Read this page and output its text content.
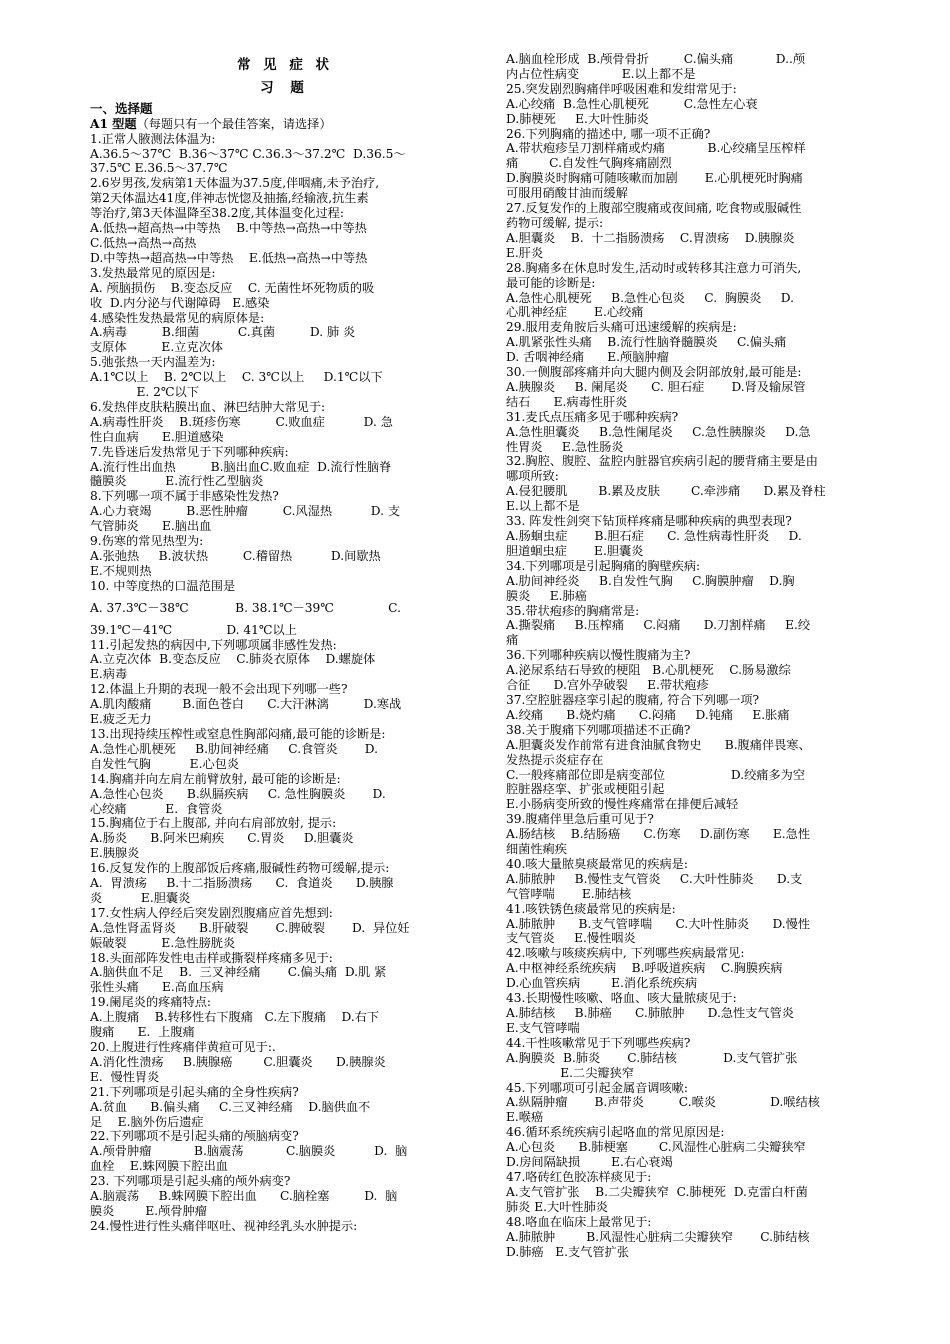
常 见 症 状
习 题
一、选择题
A1 型题（每题只有一个最佳答案，请选择）
1.正常人腋测法体温为:
A.36.5～37℃  B.36～37℃ C.36.3～37.2℃  D.36.5～
37.5℃ E.36.5～37.7℃
2.6岁男孩,发病第1天体温为37.5度,伴咽痛,未予治疗,
第2天体温达41度,伴神志恍惚及抽搐,经输液,抗生素
等治疗,第3天体温降至38.2度,其体温变化过程:
A.低热→超高热→中等热    B.中等热→高热→中等热
C.低热→高热→高热
D.中等热→超高热→中等热    E.低热→高热→中等热
3.发热最常见的原因是:
A. 颅脑损伤    B.变态反应    C. 无菌性坏死物质的吸
收  D.内分泌与代谢障碍   E.感染
4.感染性发热最常见的病原体是:
A.病毒         B.细菌          C.真菌         D. 肺 炎
支原体         E.立克次体
5.弛张热一天内温差为:
A.1℃以上    B. 2℃以上    C. 3℃以上     D.1℃以下
E. 2℃以下
6.发热伴皮肤粘膜出血、淋巴结肿大常见于:
A.病毒性肝炎    B.斑疹伤寒         C.败血症          D. 急
性白血病      E.胆道感染
7.先昏迷后发热常见于下列哪种疾病:
A.流行性出血热         B.脑出血C.败血症  D.流行性脑脊
髓膜炎          E.流行性乙型脑炎
8.下列哪一项不属于非感染性发热?
A.心力衰竭         B.恶性肿瘤         C.风湿热          D. 支
气管肺炎      E.脑出血
9.伤寒的常见热型为:
A.张弛热     B.波状热         C.稽留热          D.间歇热
E.不规则热
10. 中等度热的口温范围是

A. 37.3℃－38℃            B. 38.1℃－39℃              C.

39.1℃－41℃              D. 41℃以上
11.引起发热的病因中,下列哪项属非感性发热:
A.立克次体  B.变态反应    C.肺炎衣原体    D.螺旋体
E.病毒
12.体温上升期的表现一般不会出现下列哪一些?
A.肌肉酸痛        B.面色苍白      C.大汗淋漓         D.寒战
E.疲乏无力
13.出现持续压榨性或窒息性胸部闷痛,最可能的诊断是:
A.急性心肌梗死     B.肋间神经痛     C.食管炎       D.
自发性气胸          E.心包炎
14.胸痛并向左肩左前臂放射, 最可能的诊断是:
A.急性心包炎      B.纵膈疾病     C. 急性胸膜炎       D.
心绞痛          E.  食管炎
15.胸痛位于右上腹部, 并向右肩部放射, 提示:
A.肠炎      B.阿米巴痢疾      C.胃炎     D.胆囊炎
E.胰腺炎
16.反复发作的上腹部饭后疼痛,服碱性药物可缓解,提示:
A.  胃溃疡     B.十二指肠溃疡      C.  食道炎      D.胰腺
炎          E.胆囊炎
17.女性病人停经后突发剧烈腹痛应首先想到:
A.急性肾盂肾炎      B.肝破裂       C.脾破裂       D.  异位妊
娠破裂         E.急性膀胱炎
18.头面部阵发性电击样或撕裂样疼痛多见于:
A.脑供血不足    B.  三叉神经痛       C.偏头痛  D.肌 紧
张性头痛      E.高血压病
19.阑尾炎的疼痛特点:
A.上腹痛    B.转移性右下腹痛   C.左下腹痛    D.右下
腹痛      E.  上腹痛
20.上腹进行性疼痛伴黄疸可见于:.
A.消化性溃疡     B.胰腺癌        C.胆囊炎      D.胰腺炎
E.  慢性胃炎
21.下列哪项是引起头痛的全身性疾病?
A.贫血      B.偏头痛     C.三叉神经痛    D.脑供血不
足    E.脑外伤后遗症
22.下列哪项不是引起头痛的颅脑病变?
A.颅骨肿瘤           B.脑震荡           C.脑膜炎          D.  脑
血栓    E.蛛网膜下腔出血
23. 下列哪项是引起头痛的颅外病变?
A.脑震荡     B.蛛网膜下腔出血      C.脑栓塞         D.  脑
膜炎        E.颅骨肿瘤
24.慢性进行性头痛伴呕吐、视神经乳头水肿提示:
A.脑血栓形成  B.颅骨骨折         C.偏头痛           D..颅
内占位性病变           E.以上都不是
25.突发剧烈胸痛伴呼吸困难和发绀常见于:
A.心绞痛  B.急性心肌梗死         C.急性左心衰
D.肺梗死     E.大叶性肺炎
26.下列胸痛的描述中, 哪一项不正确?
A.带状疱疹呈刀割样痛或灼痛           B.心绞痛呈压榨样
痛        C.自发性气胸疼痛剧烈
D.胸膜炎时胸痛可随咳嗽而加剧       E.心肌梗死时胸痛
可服用硝酸甘油而缓解
27.反复发作的上腹部空腹痛或夜间痛, 吃食物或服碱性
药物可缓解, 提示:
A.胆囊炎    B.  十二指肠溃疡    C.胃溃疡    D.胰腺炎
E.肝炎
28.胸痛多在休息时发生,活动时或转移其注意力可消失,
最可能的诊断是:
A.急性心肌梗死     B.急性心包炎     C.  胸膜炎     D.
心肌神经症       E.心绞痛
29.服用麦角胺后头痛可迅速缓解的疾病是:
A.肌紧张性头痛    B.流行性脑脊髓膜炎     C.偏头痛
D. 舌咽神经痛      E.颅脑肿瘤
30.一侧腹部疼痛并向大腿内侧及会阴部放射,最可能是:
A.胰腺炎     B. 阑尾炎      C. 胆石症       D.肾及输尿管
结石      E.病毒性肝炎
31.麦氏点压痛多见于哪种疾病?
A.急性胆囊炎     B.急性阑尾炎     C.急性胰腺炎     D.急
性胃炎     E.急性肠炎
32.胸腔、腹腔、盆腔内脏器官疾病引起的腰背痛主要是由
哪项所致:
A.侵犯腰肌        B.累及皮肤        C.牵涉痛      D.累及脊柱
E.以上都不是
33. 阵发性剑突下钻顶样疼痛是哪种疾病的典型表现?
A.肠蛔虫症       B.胆石症      C. 急性病毒性肝炎     D.
胆道蛔虫症       E.胆囊炎
34.下列哪项是引起胸痛的胸壁疾病:
A.肋间神经炎     B.自发性气胸     C.胸膜肿瘤    D.胸
膜炎     E.肺癌
35.带状疱疹的胸痛常是:
A.撕裂痛     B.压榨痛     C.闷痛      D.刀割样痛     E.绞
痛
36.下列哪种疾病以慢性腹痛为主?
A.泌尿系结石导致的梗阻   B.心肌梗死    C.肠易激综
合征      D.宫外孕破裂     E.带状疱疹
37.空腔脏器痉挛引起的腹痛, 符合下列哪一项?
A.绞痛      B.烧灼痛      C.闷痛     D.钝痛     E.胀痛
38.关于腹痛下列哪项描述不正确?
A.胆囊炎发作前常有进食油腻食物史      B.腹痛伴畏寒、
发热提示炎症存在
C.一般疼痛部位即是病变部位                 D.绞痛多为空
腔脏器痉挛、扩张或梗阻引起
E.小肠病变所致的慢性疼痛常在排便后减轻
39.腹痛伴里急后重可见于?
A.肠结核    B.结肠癌      C.伤寒     D.副伤寒      E.急性
细菌性痢疾
40.咳大量脓臭痰最常见的疾病是:
A.肺脓肿     B.慢性支气管炎     C.大叶性肺炎      D.支
气管哮喘       E.肺结核
41.咳铁锈色痰最常见的疾病是:
A.肺脓肿      B.支气管哮喘      C.大叶性肺炎      D.慢性
支气管炎     E.慢性咽炎
42.咳嗽与咳痰疾病中, 下列哪些疾病最常见:
A.中枢神经系统疾病    B.呼吸道疾病    C.胸膜疾病
D.心血管疾病        E.消化系统疾病
43.长期慢性咳嗽、咯血、咳大量脓痰见于:
A.肺结核     B.肺癌      C.肺脓肿      D.急性支气管炎
E.支气管哮喘
44.干性咳嗽常见于下列哪些疾病?
A.胸膜炎  B.肺炎       C.肺结核            D.支气管扩张
E.二尖瓣狭窄
45.下列哪项可引起金属音调咳嗽:
A.纵隔肿瘤       B.声带炎         C.喉炎              D.喉结核
E.喉癌
46.循环系统疾病引起咯血的常见原因是:
A.心包炎      B.肺梗塞        C.风湿性心脏病二尖瓣狭窄
D.房间隔缺损        E.右心衰竭
47.咯砖红色胶冻样痰见于:
A.支气管扩张    B.二尖瓣狭窄  C.肺梗死  D.克雷白杆菌
肺炎 E.大叶性肺炎
48.咯血在临床上最常见于:
A.肺脓肿        B.风湿性心脏病二尖瓣狭窄       C.肺结核
D.肺癌   E.支气管扩张
